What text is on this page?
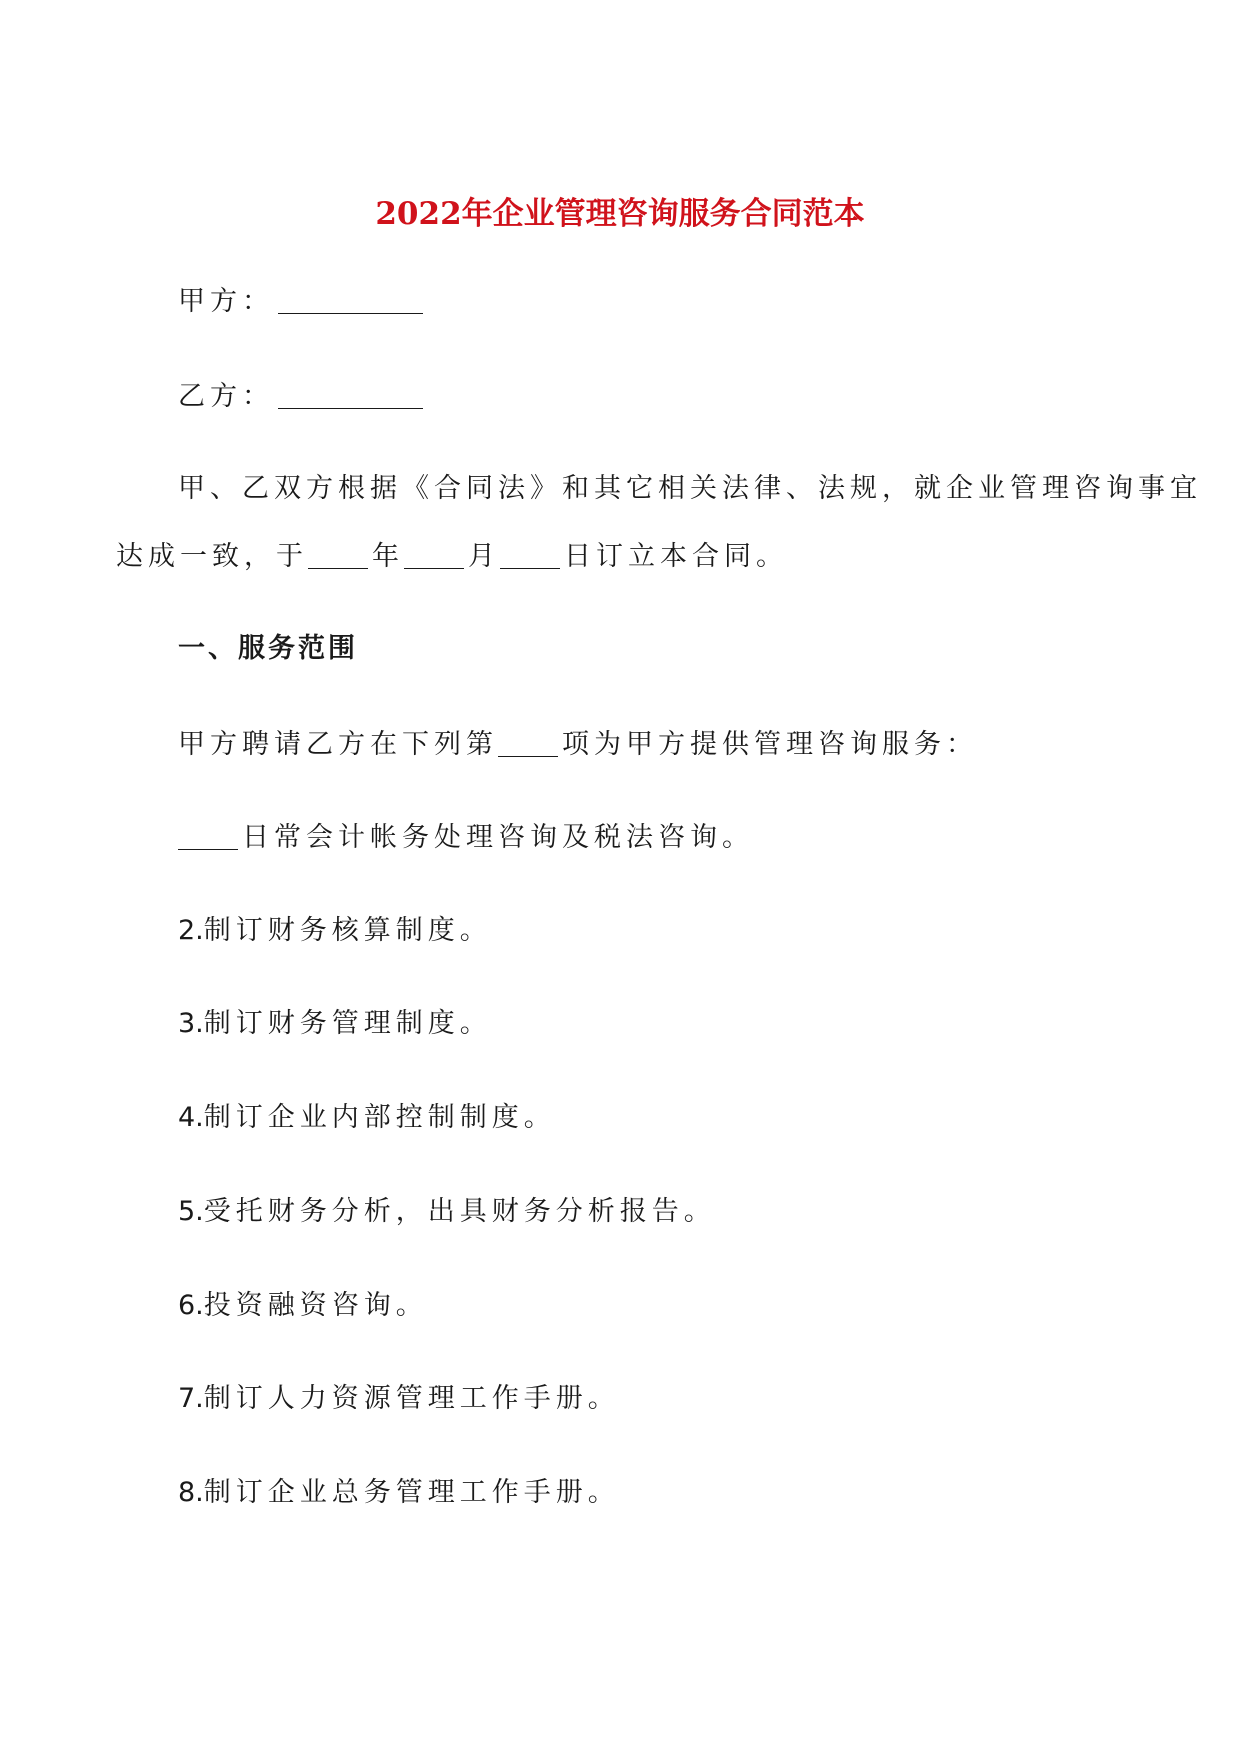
2022年企业管理咨询服务合同范本
甲方：
乙方：
甲、乙双方根据《合同法》和其它相关法律、法规，就企业管理咨询事宜
达成一致，于 年 月 日订立本合同。
一、服务范围
甲方聘请乙方在下列第 项为甲方提供管理咨询服务：
日常会计帐务处理咨询及税法咨询。
2.制订财务核算制度。
3.制订财务管理制度。
4.制订企业内部控制制度。
5.受托财务分析，出具财务分析报告。
6.投资融资咨询。
7.制订人力资源管理工作手册。
8.制订企业总务管理工作手册。
